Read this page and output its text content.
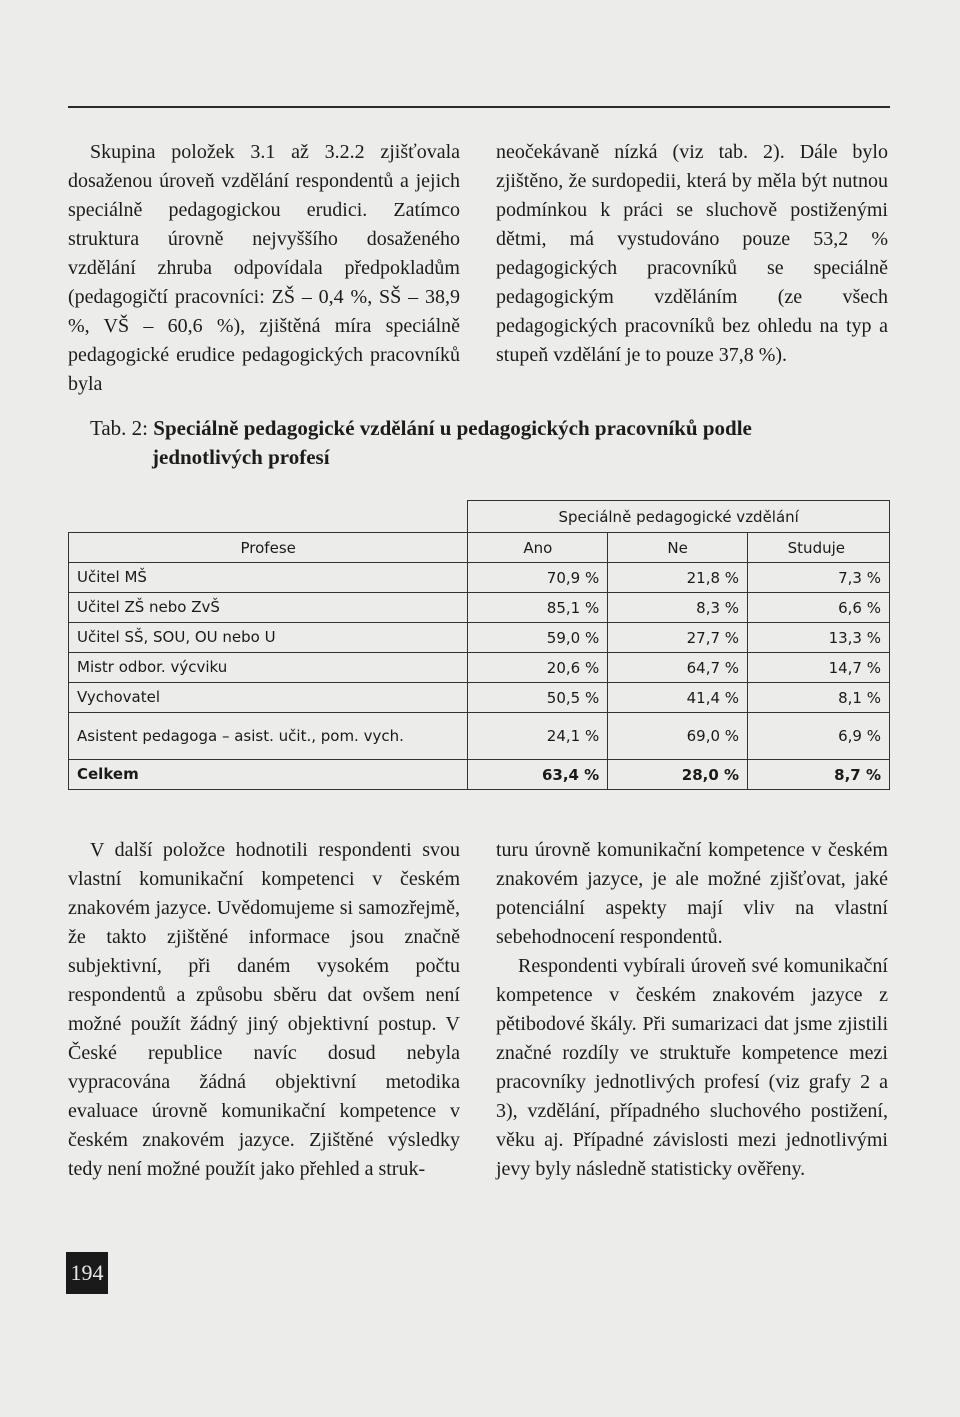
Skupina položek 3.1 až 3.2.2 zjišťovala dosaženou úroveň vzdělání respondentů a jejich speciálně pedagogickou erudici. Zatímco struktura úrovně nejvyššího dosaženého vzdělání zhruba odpovídala předpokladům (pedagogičtí pracovníci: ZŠ – 0,4 %, SŠ – 38,9 %, VŠ – 60,6 %), zjištěná míra speciálně pedagogické erudice pedagogických pracovníků byla

neočekávaně nízká (viz tab. 2). Dále bylo zjištěno, že surdopedii, která by měla být nutnou podmínkou k práci se sluchově postiženými dětmi, má vystudováno pouze 53,2 % pedagogických pracovníků se speciálně pedagogickým vzděláním (ze všech pedagogických pracovníků bez ohledu na typ a stupeň vzdělání je to pouze 37,8 %).

Tab. 2: Speciálně pedagogické vzdělání u pedagogických pracovníků podle
jednotlivých profesí
	Speciálně pedagogické vzdělání		
Profese	Ano	Ne	Studuje
Učitel MŠ	70,9 %	21,8 %	7,3 %
Učitel ZŠ nebo ZvŠ	85,1 %	8,3 %	6,6 %
Učitel SŠ, SOU, OU nebo U	59,0 %	27,7 %	13,3 %
Mistr odbor. výcviku	20,6 %	64,7 %	14,7 %
Vychovatel	50,5 %	41,4 %	8,1 %
Asistent pedagoga – asist. učit., pom. vych.	24,1 %	69,0 %	6,9 %
Celkem	63,4 %	28,0 %	8,7 %

V další položce hodnotili respondenti svou vlastní komunikační kompetenci v českém znakovém jazyce. Uvědomujeme si samozřejmě, že takto zjištěné informace jsou značně subjektivní, při daném vysokém počtu respondentů a způsobu sběru dat ovšem není možné použít žádný jiný objektivní postup. V České republice navíc dosud nebyla vypracována žádná objektivní metodika evaluace úrovně komunikační kompetence v českém znakovém jazyce. Zjištěné výsledky tedy není možné použít jako přehled a struk-

turu úrovně komunikační kompetence v českém znakovém jazyce, je ale možné zjišťovat, jaké potenciální aspekty mají vliv na vlastní sebehodnocení respondentů.

Respondenti vybírali úroveň své komunikační kompetence v českém znakovém jazyce z pětibodové škály. Při sumarizaci dat jsme zjistili značné rozdíly ve struktuře kompetence mezi pracovníky jednotlivých profesí (viz grafy 2 a 3), vzdělání, případného sluchového postižení, věku aj. Případné závislosti mezi jednotlivými jevy byly následně statisticky ověřeny.

194
